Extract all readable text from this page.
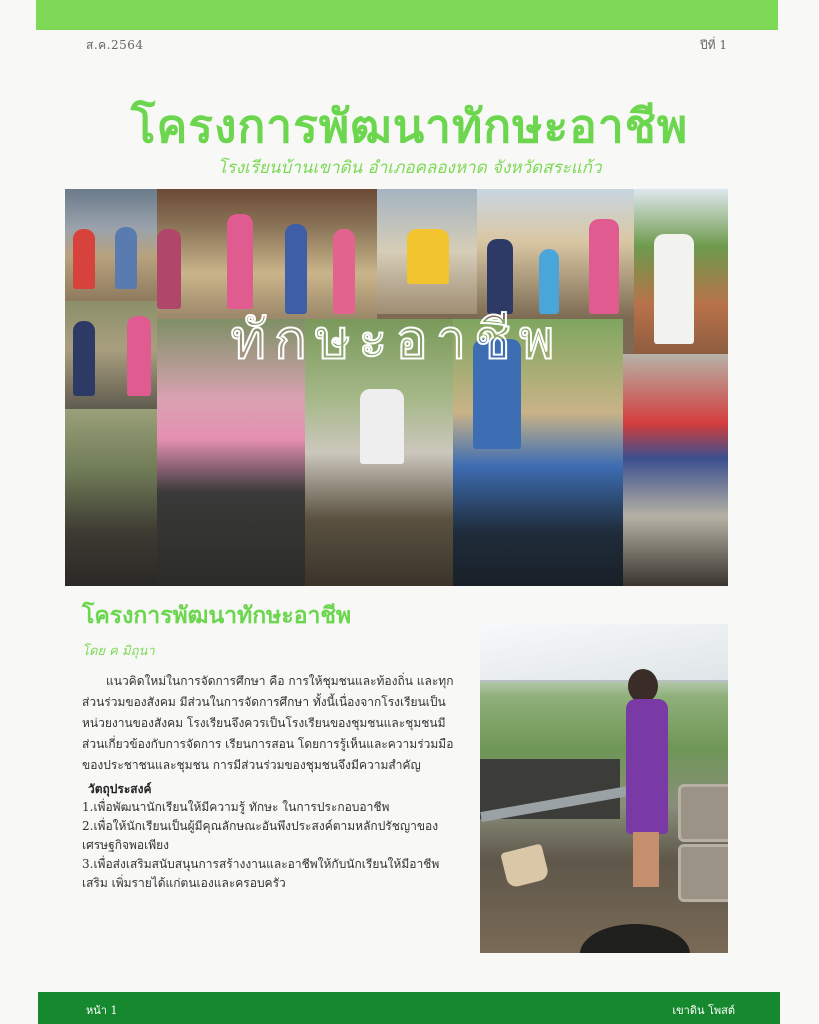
ส.ค.2564	ปีที่ 1
โครงการพัฒนาทักษะอาชีพ
โรงเรียนบ้านเขาดิน อำเภอคลองหาด จังหวัดสระแก้ว
ทักษะอาชีพ
โครงการพัฒนาทักษะอาชีพ
โดย ค มิถุนา

แนวคิดใหม่ในการจัดการศึกษา คือ การให้ชุมชนและท้องถิ่น และทุกส่วนร่วมของสังคม มีส่วนในการจัดการศึกษา ทั้งนี้เนื่องจากโรงเรียนเป็นหน่วยงานของสังคม โรงเรียนจึงควรเป็นโรงเรียนของชุมชนและชุมชนมีส่วนเกี่ยวข้องกับการจัดการ เรียนการสอน โดยการรู้เห็นและความร่วมมือของประชาชนและชุมชน การมีส่วนร่วมของชุมชนจึงมีความสำคัญ

วัตถุประสงค์
1.เพื่อพัฒนานักเรียนให้มีความรู้ ทักษะ ในการประกอบอาชีพ
2.เพื่อให้นักเรียนเป็นผู้มีคุณลักษณะอันพึงประสงค์ตามหลักปรัชญาของเศรษฐกิจพอเพียง
3.เพื่อส่งเสริมสนับสนุนการสร้างงานและอาชีพให้กับนักเรียนให้มีอาชีพเสริม เพิ่มรายได้แก่ตนเองและครอบครัว
หน้า 1	เขาดิน โพสต์
